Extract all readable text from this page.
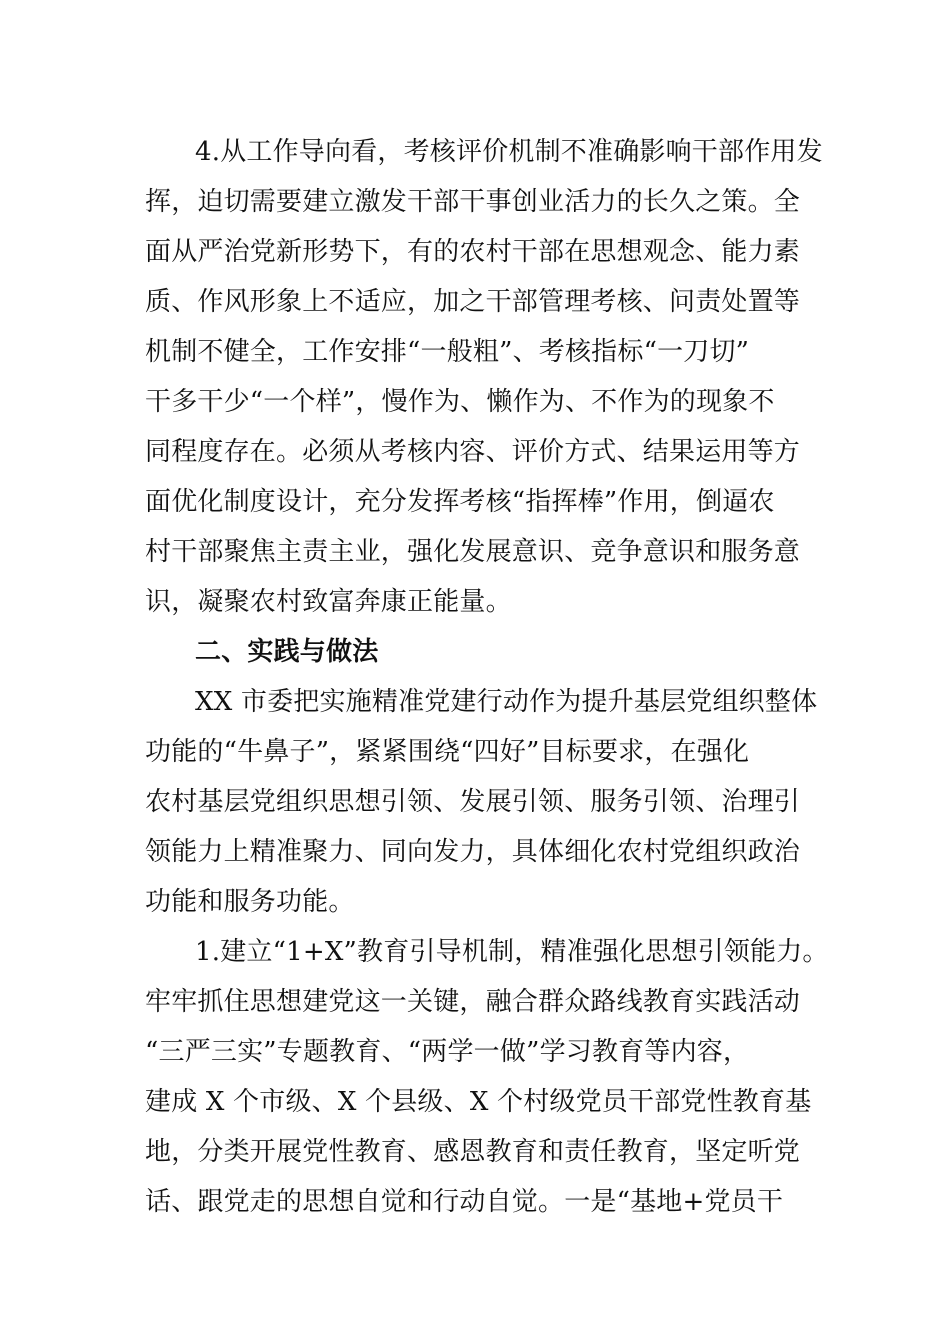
4.从工作导向看，考核评价机制不准确影响干部作用发
挥，迫切需要建立激发干部干事创业活力的长久之策。全
面从严治党新形势下，有的农村干部在思想观念、能力素
质、作风形象上不适应，加之干部管理考核、问责处置等
机制不健全，工作安排“一般粗”、考核指标“一刀切”
干多干少“一个样”，慢作为、懒作为、不作为的现象不
同程度存在。必须从考核内容、评价方式、结果运用等方
面优化制度设计，充分发挥考核“指挥棒”作用，倒逼农
村干部聚焦主责主业，强化发展意识、竞争意识和服务意
识，凝聚农村致富奔康正能量。
二、实践与做法
XX 市委把实施精准党建行动作为提升基层党组织整体
功能的“牛鼻子”，紧紧围绕“四好”目标要求，在强化
农村基层党组织思想引领、发展引领、服务引领、治理引
领能力上精准聚力、同向发力，具体细化农村党组织政治
功能和服务功能。
1.建立“1+X”教育引导机制，精准强化思想引领能力。
牢牢抓住思想建党这一关键，融合群众路线教育实践活动
“三严三实”专题教育、“两学一做”学习教育等内容，
建成 X 个市级、X 个县级、X 个村级党员干部党性教育基
地，分类开展党性教育、感恩教育和责任教育，坚定听党
话、跟党走的思想自觉和行动自觉。一是“基地+党员干
